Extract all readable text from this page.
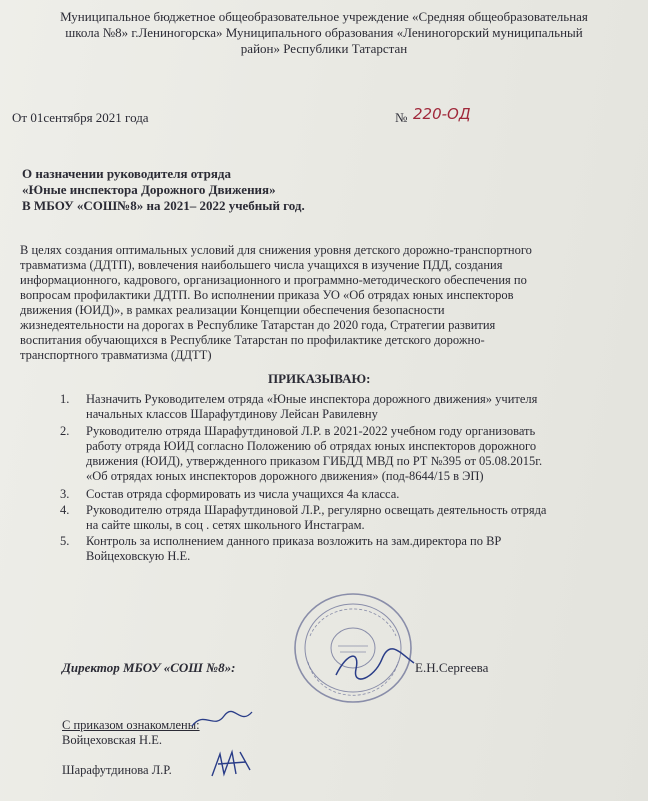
Муниципальное бюджетное общеобразовательное учреждение «Средняя общеобразовательная
школа №8» г.Лениногорска» Муниципального образования «Лениногорский муниципальный
район» Республики Татарстан
От 01сентября 2021 года	№ 220-ОД
О назначении руководителя отряда
«Юные инспектора Дорожного Движения»
В МБОУ «СОШ№8» на 2021– 2022 учебный год.
В целях создания оптимальных условий для снижения уровня детского дорожно-транспортного
травматизма (ДДТП), вовлечения наибольшего числа учащихся в изучение ПДД, создания
информационного, кадрового, организационного и программно-методического обеспечения по
вопросам профилактики ДДТП. Во исполнении приказа УО «Об отрядах юных инспекторов
движения (ЮИД)», в рамках реализации Концепции обеспечения безопасности
жизнедеятельности на дорогах в Республике Татарстан до 2020 года, Стратегии развития
воспитания обучающихся в Республике Татарстан по профилактике детского дорожно-
транспортного травматизма (ДДТТ)
ПРИКАЗЫВАЮ:
1. Назначить Руководителем отряда «Юные инспектора дорожного движения» учителя
начальных классов Шарафутдинову Лейсан Равилевну
2. Руководителю отряда Шарафутдиновой Л.Р. в 2021-2022 учебном году организовать
работу отряда ЮИД согласно Положению об отрядах юных инспекторов дорожного
движения (ЮИД), утвержденного приказом ГИБДД МВД по РТ №395 от 05.08.2015г.
«Об отрядах юных инспекторов дорожного движения» (под-8644/15 в ЭП)
3. Состав отряда сформировать из числа учащихся 4а класса.
4. Руководителю отряда Шарафутдиновой Л.Р., регулярно освещать деятельность отряда
на сайте школы, в соц . сетях школьного Инстаграм.
5. Контроль за исполнением данного приказа возложить на зам.директора по ВР
Войцеховскую Н.Е.
Директор МБОУ «СОШ №8»:	Е.Н.Сергеева
С приказом ознакомлены:
Войцеховская Н.Е.
Шарафутдинова Л.Р.
